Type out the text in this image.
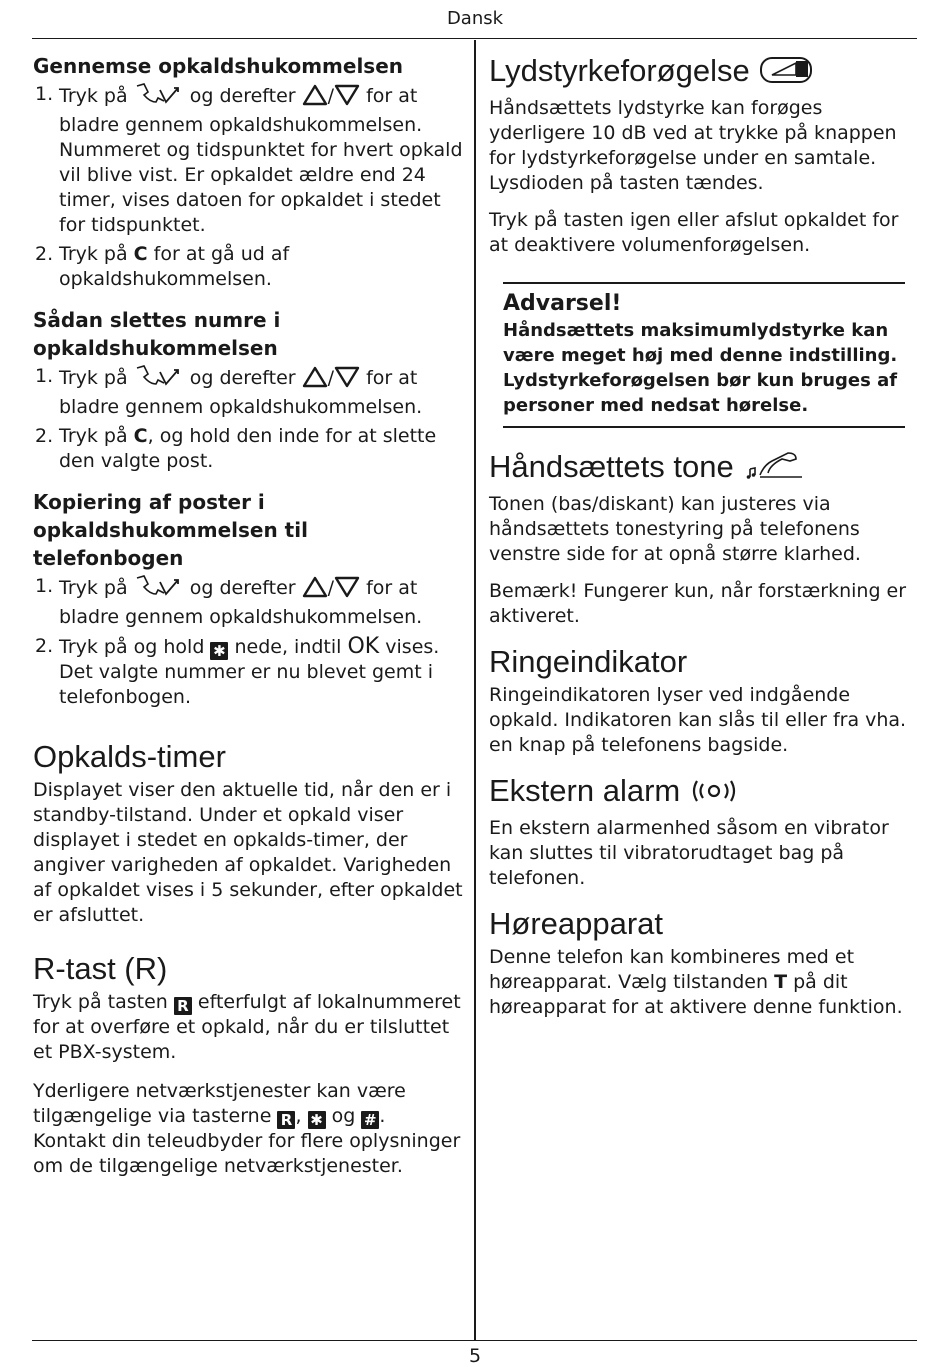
Dansk
5
Gennemse opkaldshukommelsen
1. Tryk på	og derefter / for at bladre gennem opkaldshukommelsen. Nummeret og tidspunktet for hvert opkald vil blive vist. Er opkaldet ældre end 24 timer, vises datoen for opkaldet i stedet for tidspunktet.
2. Tryk på C for at gå ud af opkaldshukommelsen.
Sådan slettes numre i opkaldshukommelsen
1. Tryk på	og derefter / for at bladre gennem opkaldshukommelsen.
2. Tryk på C, og hold den inde for at slette den valgte post.
Kopiering af poster i opkaldshukommelsen til telefonbogen
1. Tryk på	og derefter / for at bladre gennem opkaldshukommelsen.
2. Tryk på og hold ✱ nede, indtil OK vises. Det valgte nummer er nu blevet gemt i telefonbogen.
Opkalds-timer

Displayet viser den aktuelle tid, når den er i standby-tilstand. Under et opkald viser displayet i stedet en opkalds-timer, der angiver varigheden af opkaldet. Varigheden af opkaldet vises i 5 sekunder, efter opkaldet er afsluttet.

R-tast (R)

Tryk på tasten R efterfulgt af lokalnummeret for at overføre et opkald, når du er tilsluttet et PBX-system.

Yderligere netværkstjenester kan være tilgængelige via tasterne R , ✱ og # . Kontakt din teleudbyder for flere oplysninger om de tilgængelige netværkstjenester.

Lydstyrkeforøgelse

Håndsættets lydstyrke kan forøges yderligere 10 dB ved at trykke på knappen for lydstyrkeforøgelse under en samtale. Lysdioden på tasten tændes.

Tryk på tasten igen eller afslut opkaldet for at deaktivere volumenforøgelsen.

Advarsel!
Håndsættets maksimumlydstyrke kan være meget høj med denne indstilling. Lydstyrkeforøgelsen bør kun bruges af personer med nedsat hørelse.
Håndsættets tone

Tonen (bas/diskant) kan justeres via håndsættets tonestyring på telefonens venstre side for at opnå større klarhed.

Bemærk! Fungerer kun, når forstærkning er aktiveret.

Ringeindikator

Ringeindikatoren lyser ved indgående opkald. Indikatoren kan slås til eller fra vha. en knap på telefonens bagside.

Ekstern alarm

En ekstern alarmenhed såsom en vibrator kan sluttes til vibratorudtaget bag på telefonen.

Høreapparat

Denne telefon kan kombineres med et høreapparat. Vælg tilstanden T på dit høreapparat for at aktivere denne funktion.
